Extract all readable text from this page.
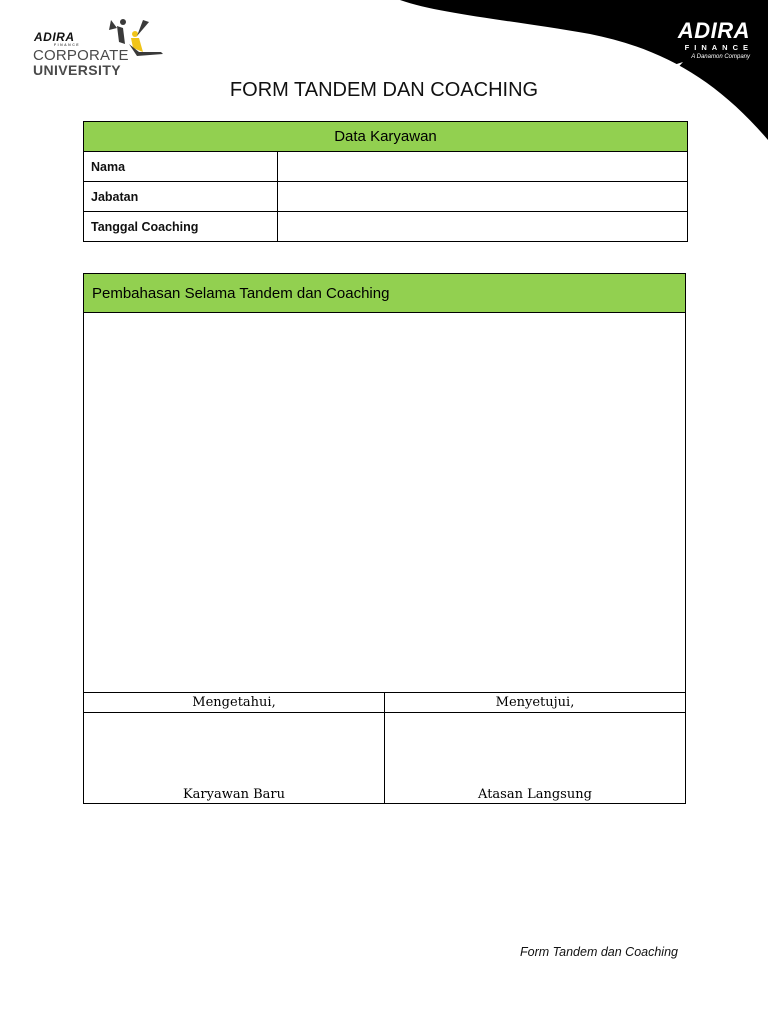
ADIRA
FINANCE
CORPORATE
UNIVERSITY
ADIRA
FINANCE
A Danamon Company
FORM TANDEM DAN COACHING
Data Karyawan	
Nama	
Jabatan	
Tanggal Coaching	
Pembahasan Selama Tandem dan Coaching
Mengetahui,	Menyetujui,
Karyawan Baru	Atasan Langsung
Form Tandem dan Coaching
